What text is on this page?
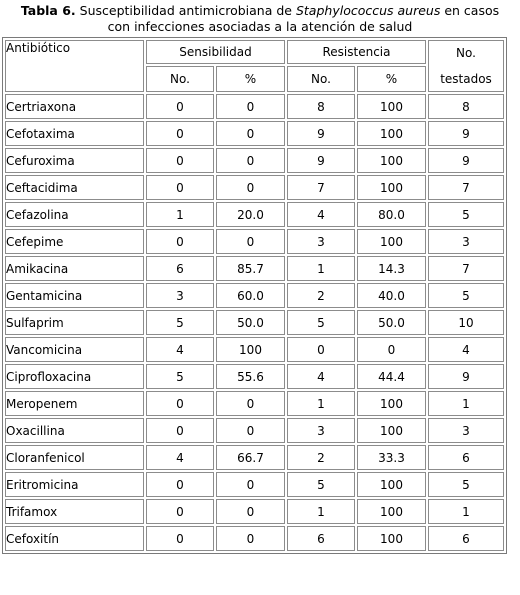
Tabla 6. Susceptibilidad antimicrobiana de Staphylococcus aureus en casos
con infecciones asociadas a la atención de salud
Antibiótico	Sensibilidad		Resistencia		No.
testados

	No.	%	No.	%	
Certriaxona	0	0	8	100	8
Cefotaxima	0	0	9	100	9
Cefuroxima	0	0	9	100	9
Ceftacidima	0	0	7	100	7
Cefazolina	1	20.0	4	80.0	5
Cefepime	0	0	3	100	3
Amikacina	6	85.7	1	14.3	7
Gentamicina	3	60.0	2	40.0	5
Sulfaprim	5	50.0	5	50.0	10
Vancomicina	4	100	0	0	4
Ciprofloxacina	5	55.6	4	44.4	9
Meropenem	0	0	1	100	1
Oxacillina	0	0	3	100	3
Cloranfenicol	4	66.7	2	33.3	6
Eritromicina	0	0	5	100	5
Trifamox	0	0	1	100	1
Cefoxitín	0	0	6	100	6
